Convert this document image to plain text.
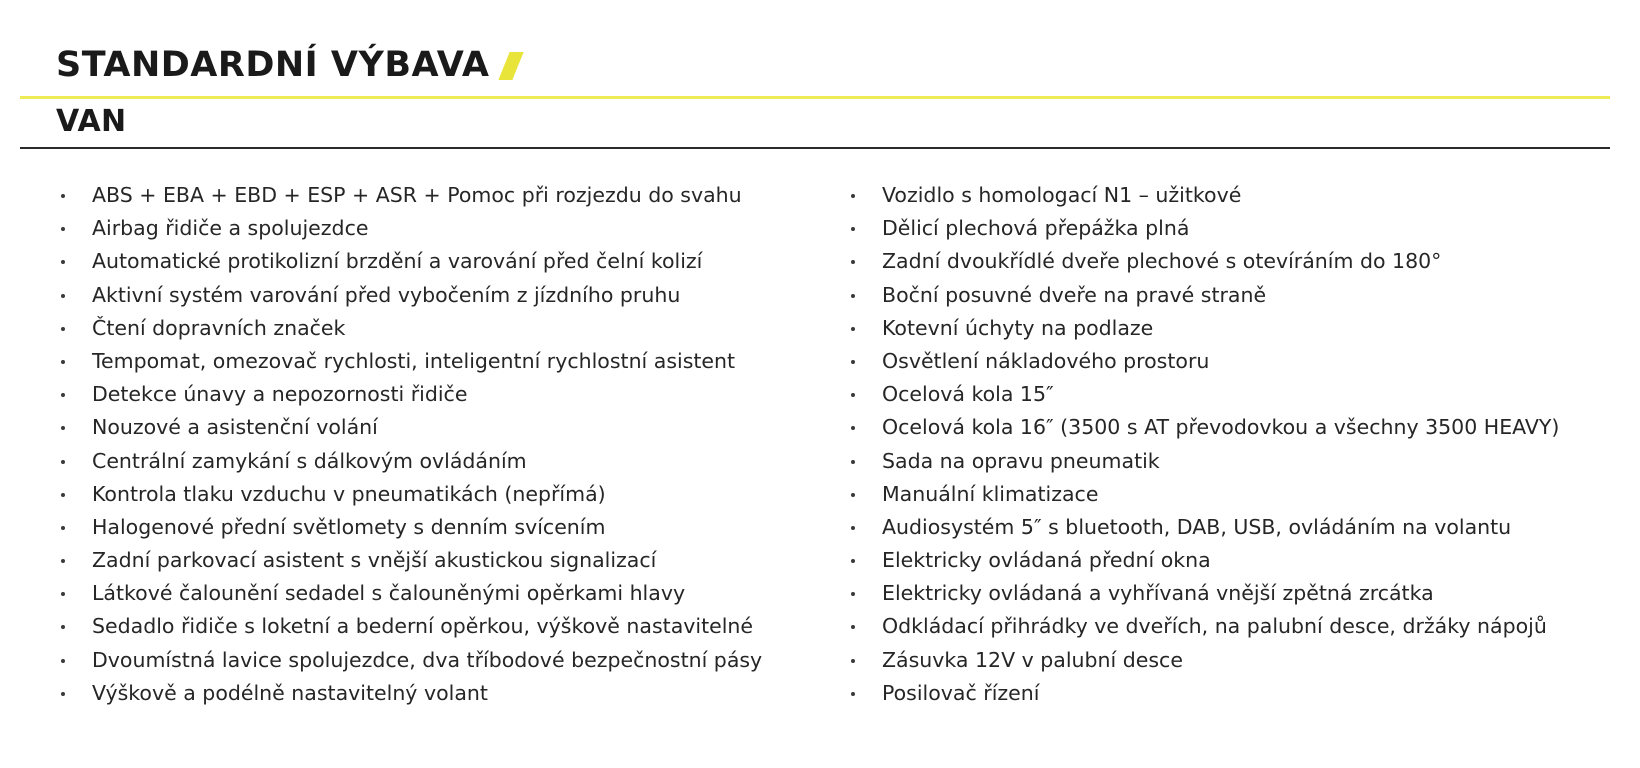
STANDARDNÍ VÝBAVA
VAN
ABS + EBA + EBD + ESP + ASR + Pomoc při rozjezdu do svahu
Airbag řidiče a spolujezdce
Automatické protikolizní brzdění a varování před čelní kolizí
Aktivní systém varování před vybočením z jízdního pruhu
Čtení dopravních značek
Tempomat, omezovač rychlosti, inteligentní rychlostní asistent
Detekce únavy a nepozornosti řidiče
Nouzové a asistenční volání
Centrální zamykání s dálkovým ovládáním
Kontrola tlaku vzduchu v pneumatikách (nepřímá)
Halogenové přední světlomety s denním svícením
Zadní parkovací asistent s vnější akustickou signalizací
Látkové čalounění sedadel s čalouněnými opěrkami hlavy
Sedadlo řidiče s loketní a bederní opěrkou, výškově nastavitelné
Dvoumístná lavice spolujezdce, dva tříbodové bezpečnostní pásy
Výškově a podélně nastavitelný volant
Vozidlo s homologací N1 – užitkové
Dělicí plechová přepážka plná
Zadní dvoukřídlé dveře plechové s otevíráním do 180°
Boční posuvné dveře na pravé straně
Kotevní úchyty na podlaze
Osvětlení nákladového prostoru
Ocelová kola 15″
Ocelová kola 16″ (3500 s AT převodovkou a všechny 3500 HEAVY)
Sada na opravu pneumatik
Manuální klimatizace
Audiosystém 5″ s bluetooth, DAB, USB, ovládáním na volantu
Elektricky ovládaná přední okna
Elektricky ovládaná a vyhřívaná vnější zpětná zrcátka
Odkládací přihrádky ve dveřích, na palubní desce, držáky nápojů
Zásuvka 12V v palubní desce
Posilovač řízení
